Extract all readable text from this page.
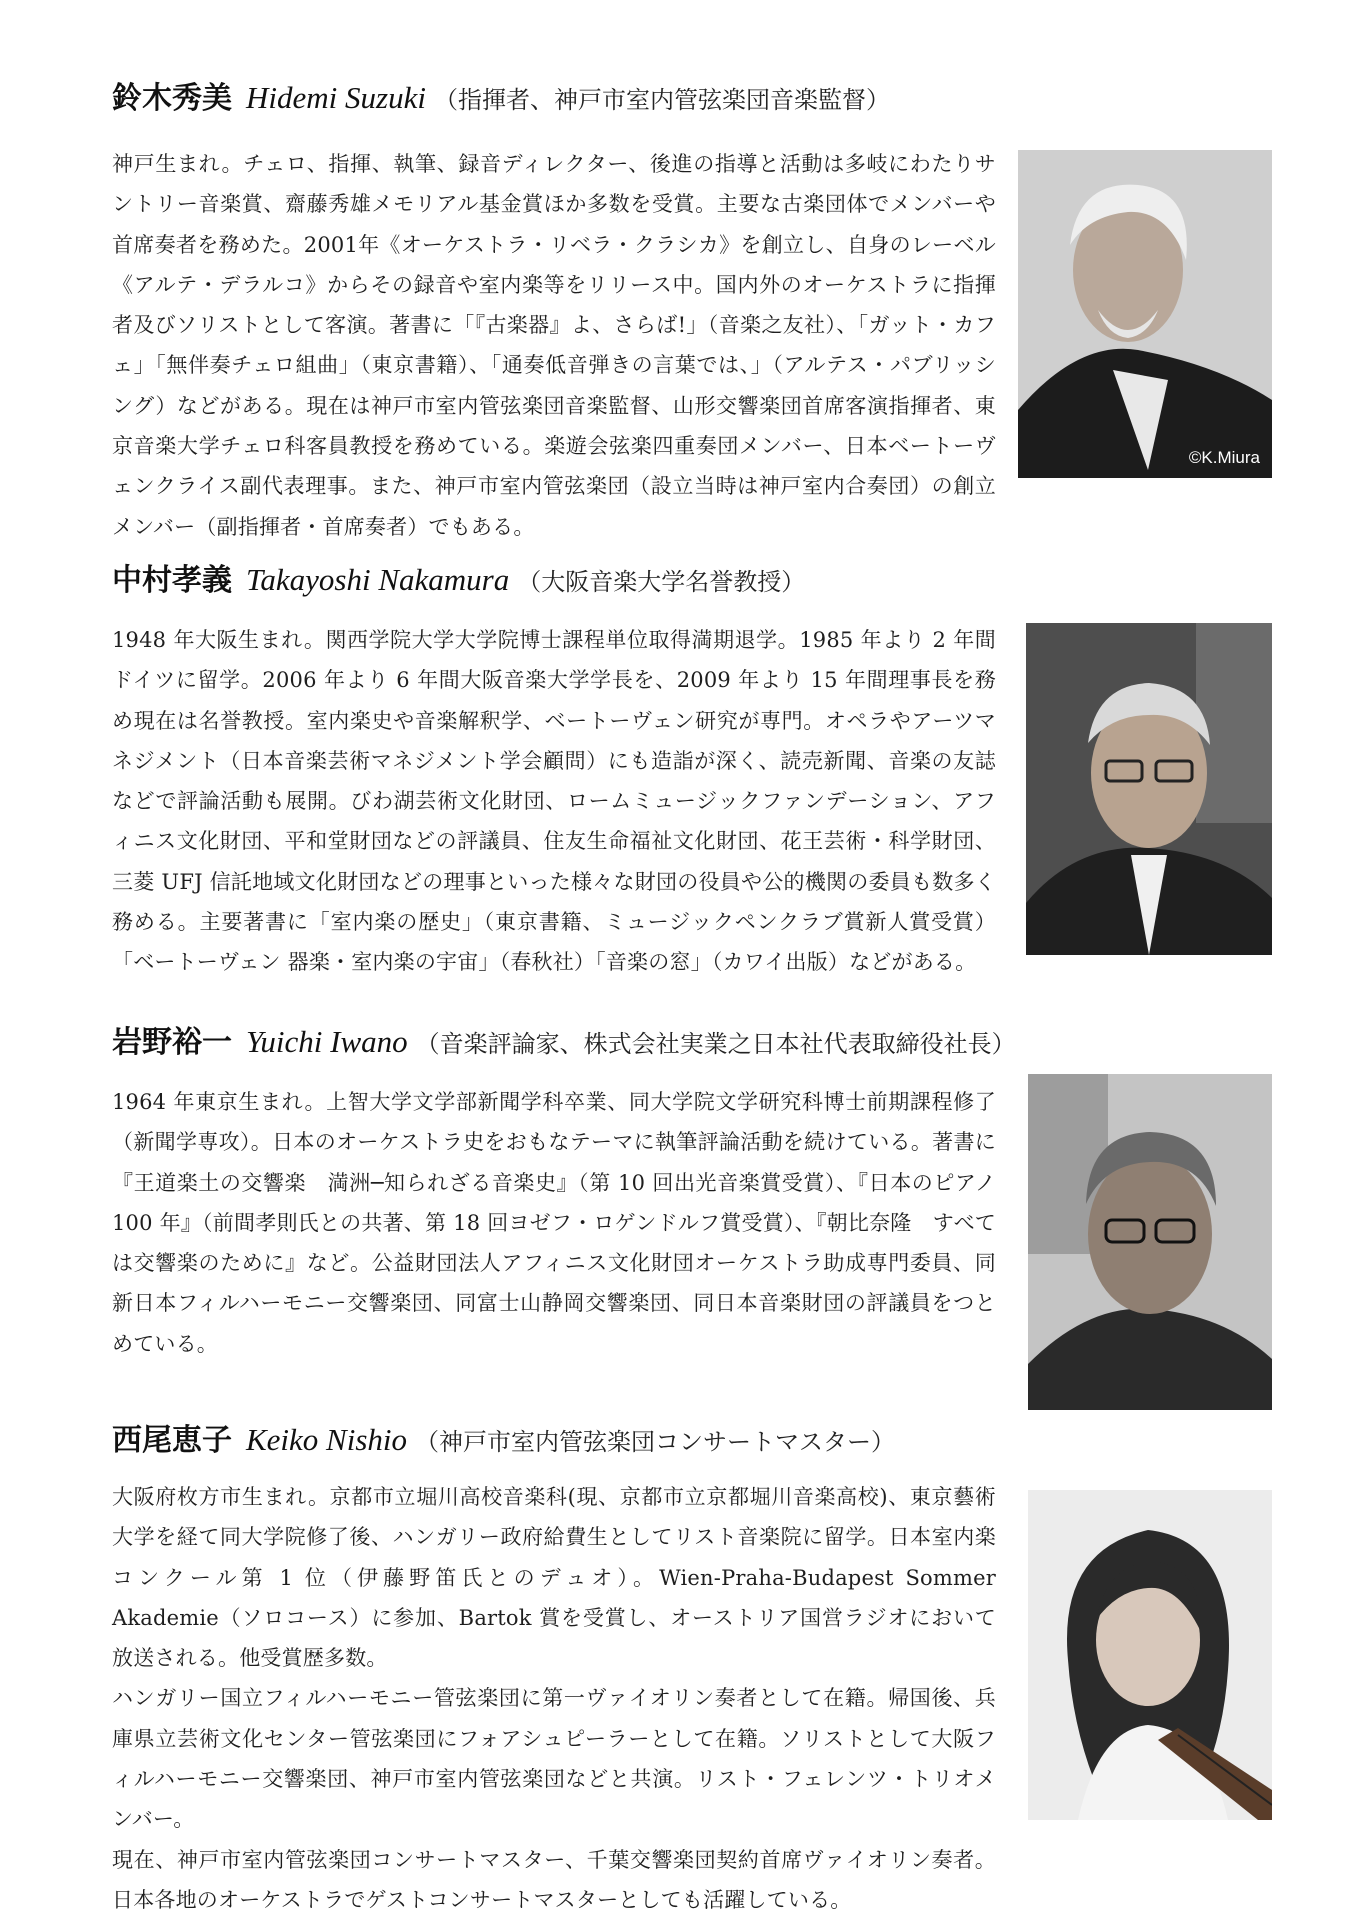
鈴木秀美 Hidemi Suzuki （指揮者、神戸市室内管弦楽団音楽監督）

神戸生まれ。チェロ、指揮、執筆、録音ディレクター、後進の指導と活動は多岐にわたりサントリー音楽賞、齋藤秀雄メモリアル基金賞ほか多数を受賞。主要な古楽団体でメンバーや首席奏者を務めた。2001年《オーケストラ・リベラ・クラシカ》を創立し、自身のレーベル《アルテ・デラルコ》からその録音や室内楽等をリリース中。国内外のオーケストラに指揮者及びソリストとして客演。著書に「『古楽器』よ、さらば!」（音楽之友社）、「ガット・カフェ」「無伴奏チェロ組曲」（東京書籍）、「通奏低音弾きの言葉では、」（アルテス・パブリッシング）などがある。現在は神戸市室内管弦楽団音楽監督、山形交響楽団首席客演指揮者、東京音楽大学チェロ科客員教授を務めている。楽遊会弦楽四重奏団メンバー、日本ベートーヴェンクライス副代表理事。また、神戸市室内管弦楽団（設立当時は神戸室内合奏団）の創立メンバー（副指揮者・首席奏者）でもある。

©K.Miura
中村孝義 Takayoshi Nakamura （大阪音楽大学名誉教授）

1948 年大阪生まれ。関西学院大学大学院博士課程単位取得満期退学。1985 年より 2 年間ドイツに留学。2006 年より 6 年間大阪音楽大学学長を、2009 年より 15 年間理事長を務め現在は名誉教授。室内楽史や音楽解釈学、ベートーヴェン研究が専門。オペラやアーツマネジメント（日本音楽芸術マネジメント学会顧問）にも造詣が深く、読売新聞、音楽の友誌などで評論活動も展開。びわ湖芸術文化財団、ロームミュージックファンデーション、アフィニス文化財団、平和堂財団などの評議員、住友生命福祉文化財団、花王芸術・科学財団、三菱 UFJ 信託地域文化財団などの理事といった様々な財団の役員や公的機関の委員も数多く務める。主要著書に「室内楽の歴史」（東京書籍、ミュージックペンクラブ賞新人賞受賞）「ベートーヴェン 器楽・室内楽の宇宙」（春秋社）「音楽の窓」（カワイ出版）などがある。

岩野裕一 Yuichi Iwano （音楽評論家、株式会社実業之日本社代表取締役社長）

1964 年東京生まれ。上智大学文学部新聞学科卒業、同大学院文学研究科博士前期課程修了（新聞学専攻）。日本のオーケストラ史をおもなテーマに執筆評論活動を続けている。著書に『王道楽土の交響楽　満洲─知られざる音楽史』（第 10 回出光音楽賞受賞）、『日本のピアノ 100 年』（前間孝則氏との共著、第 18 回ヨゼフ・ロゲンドルフ賞受賞）、『朝比奈隆　すべては交響楽のために』など。公益財団法人アフィニス文化財団オーケストラ助成専門委員、同新日本フィルハーモニー交響楽団、同富士山静岡交響楽団、同日本音楽財団の評議員をつとめている。

西尾恵子 Keiko Nishio （神戸市室内管弦楽団コンサートマスター）

大阪府枚方市生まれ。京都市立堀川高校音楽科(現、京都市立京都堀川音楽高校)、東京藝術大学を経て同大学院修了後、ハンガリー政府給費生としてリスト音楽院に留学。日本室内楽コンクール第 1 位（伊藤野笛氏とのデュオ）。Wien-Praha-Budapest Sommer Akademie（ソロコース）に参加、Bartok 賞を受賞し、オーストリア国営ラジオにおいて放送される。他受賞歴多数。

ハンガリー国立フィルハーモニー管弦楽団に第一ヴァイオリン奏者として在籍。帰国後、兵庫県立芸術文化センター管弦楽団にフォアシュピーラーとして在籍。ソリストとして大阪フィルハーモニー交響楽団、神戸市室内管弦楽団などと共演。リスト・フェレンツ・トリオメンバー。

現在、神戸市室内管弦楽団コンサートマスター、千葉交響楽団契約首席ヴァイオリン奏者。日本各地のオーケストラでゲストコンサートマスターとしても活躍している。
